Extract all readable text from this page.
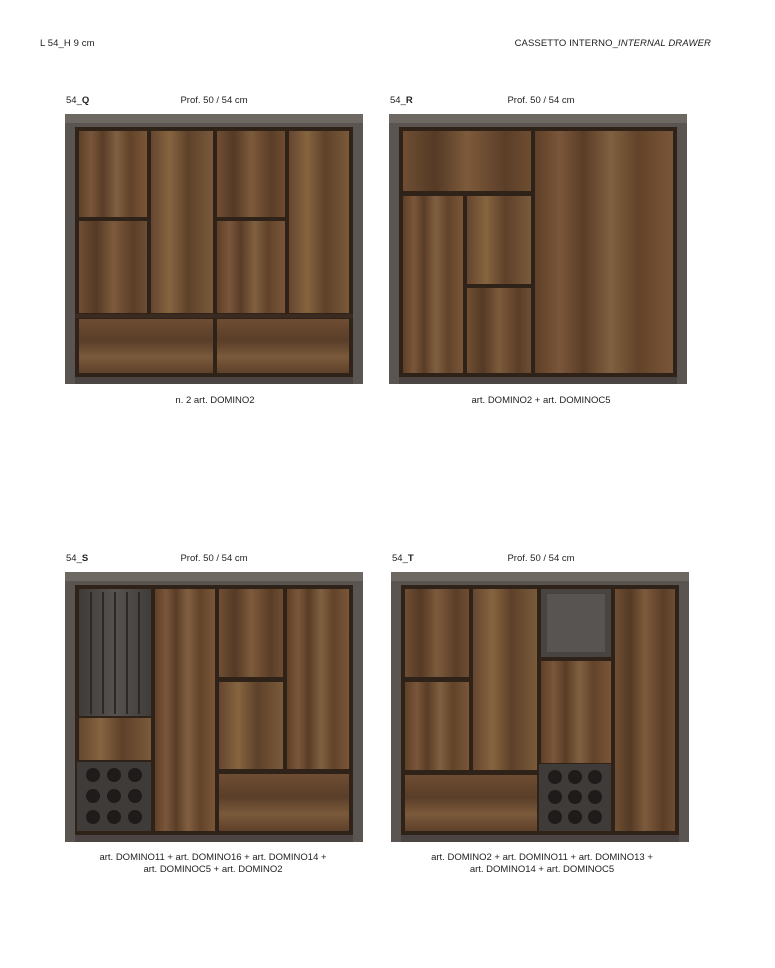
L 54_H 9 cm	CASSETTO INTERNO_INTERNAL DRAWER
54_Q	Prof. 50 / 54 cm
n. 2 art. DOMINO2
54_R	Prof. 50 / 54 cm
art. DOMINO2 + art. DOMINOC5
54_S	Prof. 50 / 54 cm
art. DOMINO11 + art. DOMINO16 + art. DOMINO14 +
art. DOMINOC5 + art. DOMINO2
54_T	Prof. 50 / 54 cm
art. DOMINO2 + art. DOMINO11 + art. DOMINO13 +
art. DOMINO14 + art. DOMINOC5
